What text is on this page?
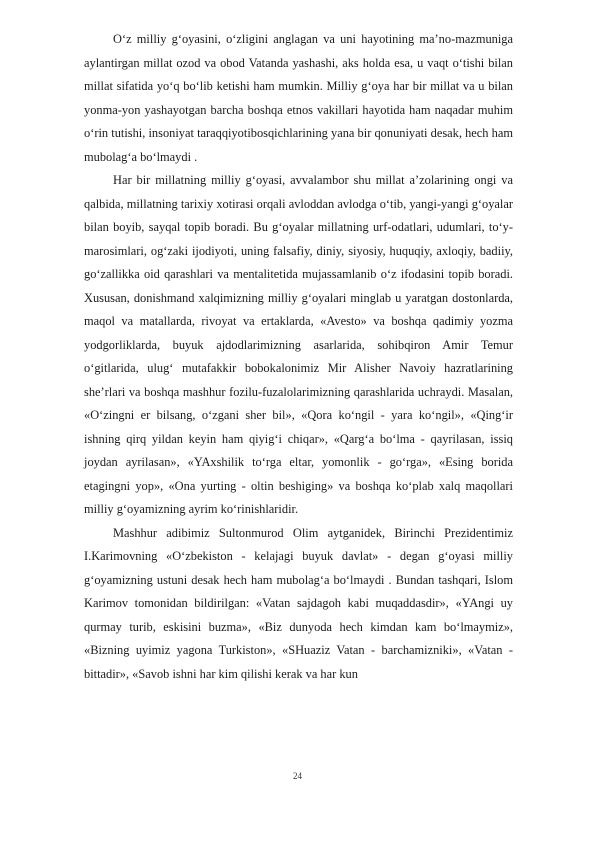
O‘z milliy g‘oyasini, o‘zligini anglagan va uni hayotining ma’no-mazmuniga aylantirgan millat ozod va obod Vatanda yashashi, aks holda esa, u vaqt o‘tishi bilan millat sifatida yo‘q bo‘lib ketishi ham mumkin. Milliy g‘oya har bir millat va u bilan yonma-yon yashayotgan barcha boshqa etnos vakillari hayotida ham naqadar muhim o‘rin tutishi, insoniyat taraqqiyotibosqichlarining yana bir qonuniyati desak, hech ham mubolag‘a bo‘lmaydi .

Har bir millatning milliy g‘oyasi, avvalambor shu millat a’zolarining ongi va qalbida, millatning tarixiy xotirasi orqali avloddan avlodga o‘tib, yangi-yangi g‘oyalar bilan boyib, sayqal topib boradi. Bu g‘oyalar millatning urf-odatlari, udumlari, to‘y-marosimlari, og‘zaki ijodiyoti, uning falsafiy, diniy, siyosiy, huquqiy, axloqiy, badiiy, go‘zallikka oid qarashlari va mentalitetida mujassamlanib o‘z ifodasini topib boradi. Xususan, donishmand xalqimizning milliy g‘oyalari minglab u yaratgan dostonlarda, maqol va matallarda, rivoyat va ertaklarda, «Avesto» va boshqa qadimiy yozma yodgorliklarda, buyuk ajdodlarimizning asarlarida, sohibqiron Amir Temur o‘gitlarida, ulug‘ mutafakkir bobokalonimiz Mir Alisher Navoiy hazratlarining she’rlari va boshqa mashhur fozilu-fuzalolarimizning qarashlarida uchraydi. Masalan, «O‘zingni er bilsang, o‘zgani sher bil», «Qora ko‘ngil - yara ko‘ngil», «Qing‘ir ishning qirq yildan keyin ham qiyig‘i chiqar», «Qarg‘a bo‘lma - qayrilasan, issiq joydan ayrilasan», «YAxshilik to‘rga eltar, yomonlik - go‘rga», «Esing borida etagingni yop», «Ona yurting - oltin beshiging» va boshqa ko‘plab xalq maqollari milliy g‘oyamizning ayrim ko‘rinishlaridir.

Mashhur adibimiz Sultonmurod Olim aytganidek, Birinchi Prezidentimiz I.Karimovning «O‘zbekiston - kelajagi buyuk davlat» - degan g‘oyasi milliy g‘oyamizning ustuni desak hech ham mubolag‘a bo‘lmaydi . Bundan tashqari, Islom Karimov tomonidan bildirilgan: «Vatan sajdagoh kabi muqaddasdir», «YAngi uy qurmay turib, eskisini buzma», «Biz dunyoda hech kimdan kam bo‘lmaymiz», «Bizning uyimiz yagona Turkiston», «SHuaziz Vatan - barchamizniki», «Vatan - bittadir», «Savob ishni har kim qilishi kerak va har kun

24
